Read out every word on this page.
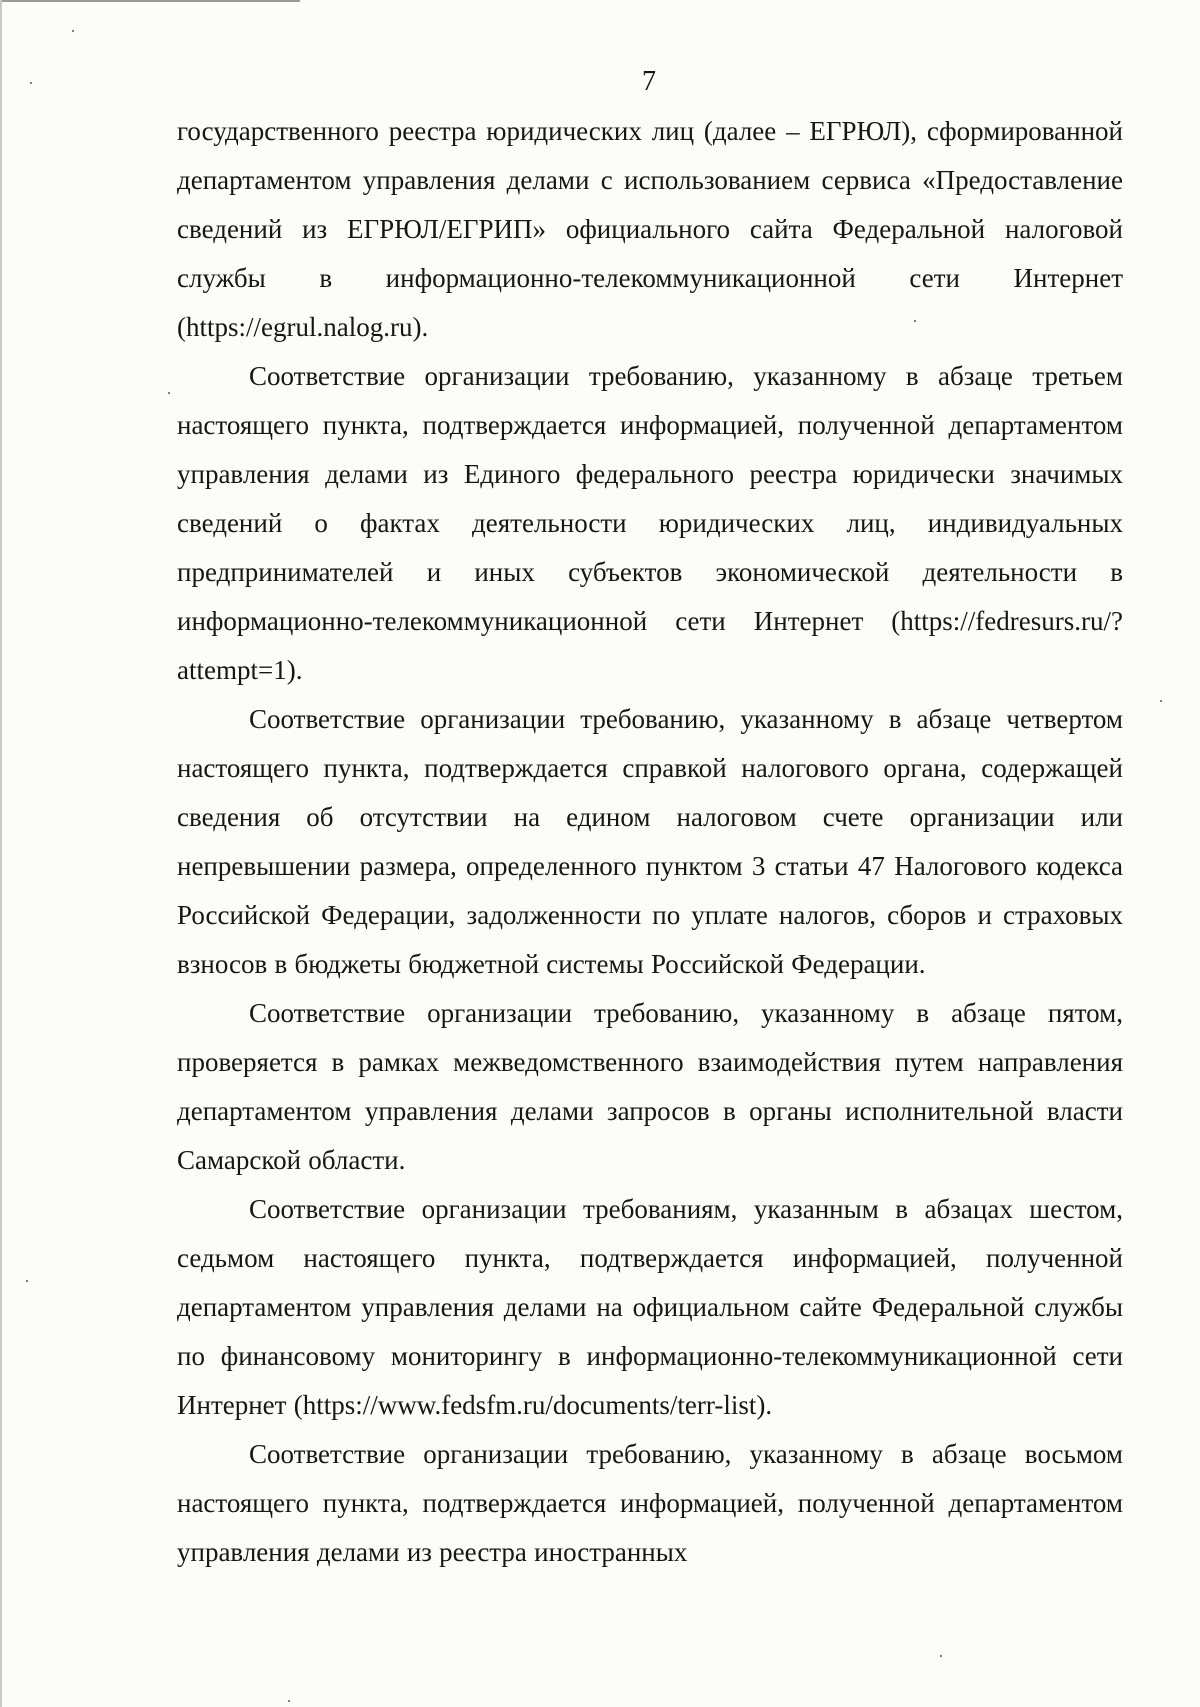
7

государственного реестра юридических лиц (далее – ЕГРЮЛ), сформированной департаментом управления делами с использованием сервиса «Предоставление сведений из ЕГРЮЛ/ЕГРИП» официального сайта Федеральной налоговой службы в информационно-телекоммуникационной сети Интернет (https://egrul.nalog.ru).

Соответствие организации требованию, указанному в абзаце третьем настоящего пункта, подтверждается информацией, полученной департаментом управления делами из Единого федерального реестра юридически значимых сведений о фактах деятельности юридических лиц, индивидуальных предпринимателей и иных субъектов экономической деятельности в информационно-телекоммуникационной сети Интернет (https://fedresurs.ru/?attempt=1).

Соответствие организации требованию, указанному в абзаце четвертом настоящего пункта, подтверждается справкой налогового органа, содержащей сведения об отсутствии на едином налоговом счете организации или непревышении размера, определенного пунктом 3 статьи 47 Налогового кодекса Российской Федерации, задолженности по уплате налогов, сборов и страховых взносов в бюджеты бюджетной системы Российской Федерации.

Соответствие организации требованию, указанному в абзаце пятом, проверяется в рамках межведомственного взаимодействия путем направления департаментом управления делами запросов в органы исполнительной власти Самарской области.

Соответствие организации требованиям, указанным в абзацах шестом, седьмом настоящего пункта, подтверждается информацией, полученной департаментом управления делами на официальном сайте Федеральной службы по финансовому мониторингу в информационно-телекоммуникационной сети Интернет (https://www.fedsfm.ru/documents/terr-list).

Соответствие организации требованию, указанному в абзаце восьмом настоящего пункта, подтверждается информацией, полученной департаментом управления делами из реестра иностранных
